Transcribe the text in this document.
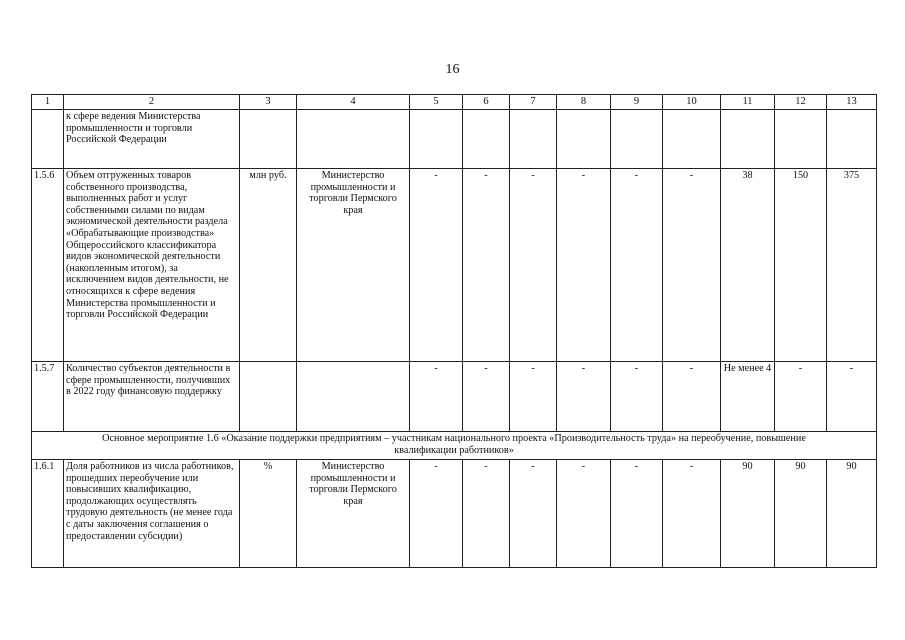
16
1	2	3	4	5	6	7	8	9	10	11	12	13
	к сфере ведения Министерства промышленности и торговли Российской Федерации											
1.5.6	Объем отгруженных товаров собственного производства, выполненных работ и услуг собственными силами по видам экономической деятельности раздела «Обрабатывающие производства» Общероссийского классификатора видов экономической деятельности (накопленным итогом), за исключением видов деятельности, не относящихся к сфере ведения Министерства промышленности и торговли Российской Федерации	млн руб.	Министерство промышленности и торговли Пермского края	-	-	-	-	-	-	38	150	375
1.5.7	Количество субъектов деятельности в сфере промышленности, получивших в 2022 году финансовую поддержку			-	-	-	-	-	-	Не менее 4	-	-
Основное мероприятие 1.6 «Оказание поддержки предприятиям – участникам национального проекта «Производительность труда» на переобучение, повышение квалификации работников»												
1.6.1	Доля работников из числа работников, прошедших переобучение или повысивших квалификацию, продолжающих осуществлять трудовую деятельность (не менее года с даты заключения соглашения о предоставлении субсидии)	%	Министерство промышленности и торговли Пермского края	-	-	-	-	-	-	90	90	90
